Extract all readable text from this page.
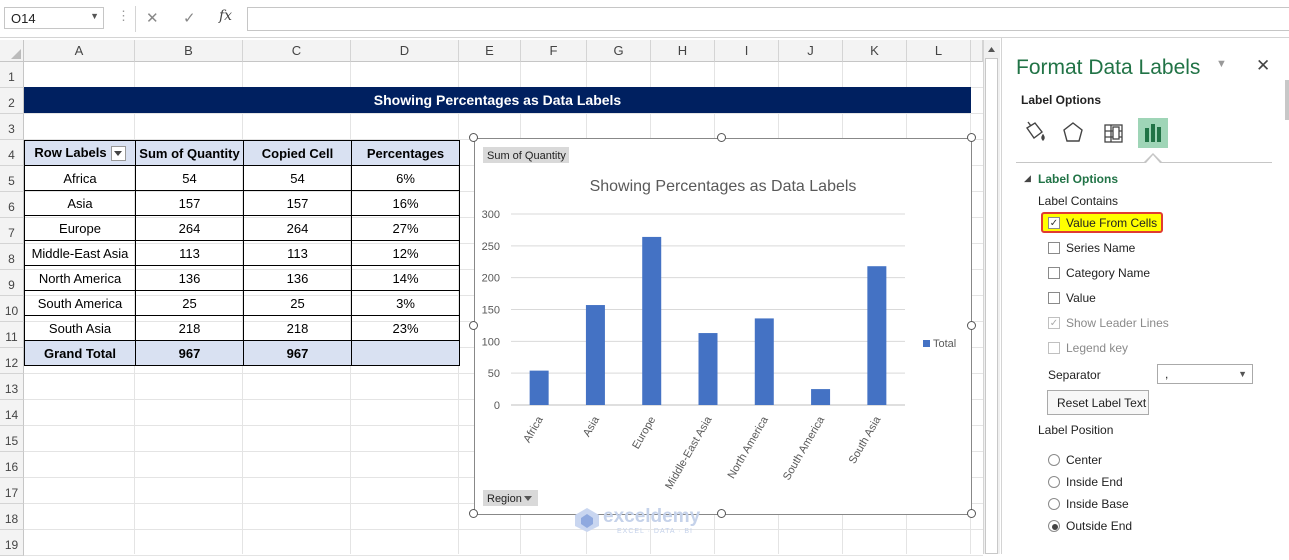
O14	▼ ⋮ ✕ ✓ fx
A	B	C	D	E	F	G	H	I	J	K	L
1
2
3
4
5
6
7
8
9
10
11
12
13
14
15
16
17
18
19
Showing Percentages as Data Labels
Row Labels	Sum of Quantity	Copied Cell	Percentages
Africa	54	54	6%
Asia	157	157	16%
Europe	264	264	27%
Middle-East Asia	113	113	12%
North America	136	136	14%
South America	25	25	3%
South Asia	218	218	23%
Grand Total	967	967	
Showing Percentages as Data Labels
0
50
100
150
200
250
300
Africa	Asia	Europe Middle-East Asia North America South America South Asia
Total
Sum of Quantity
Region
Format Data Labels ▼ ✕
Label Options
◢ Label Options
Label Contains
✓ Value From Cells
Series Name
Category Name
Value
✓ Show Leader Lines
Legend key
Separator	,	▼
Reset Label Text
Label Position
Center
Inside End
Inside Base
Outside End
exceldemy
EXCEL · DATA · BI
